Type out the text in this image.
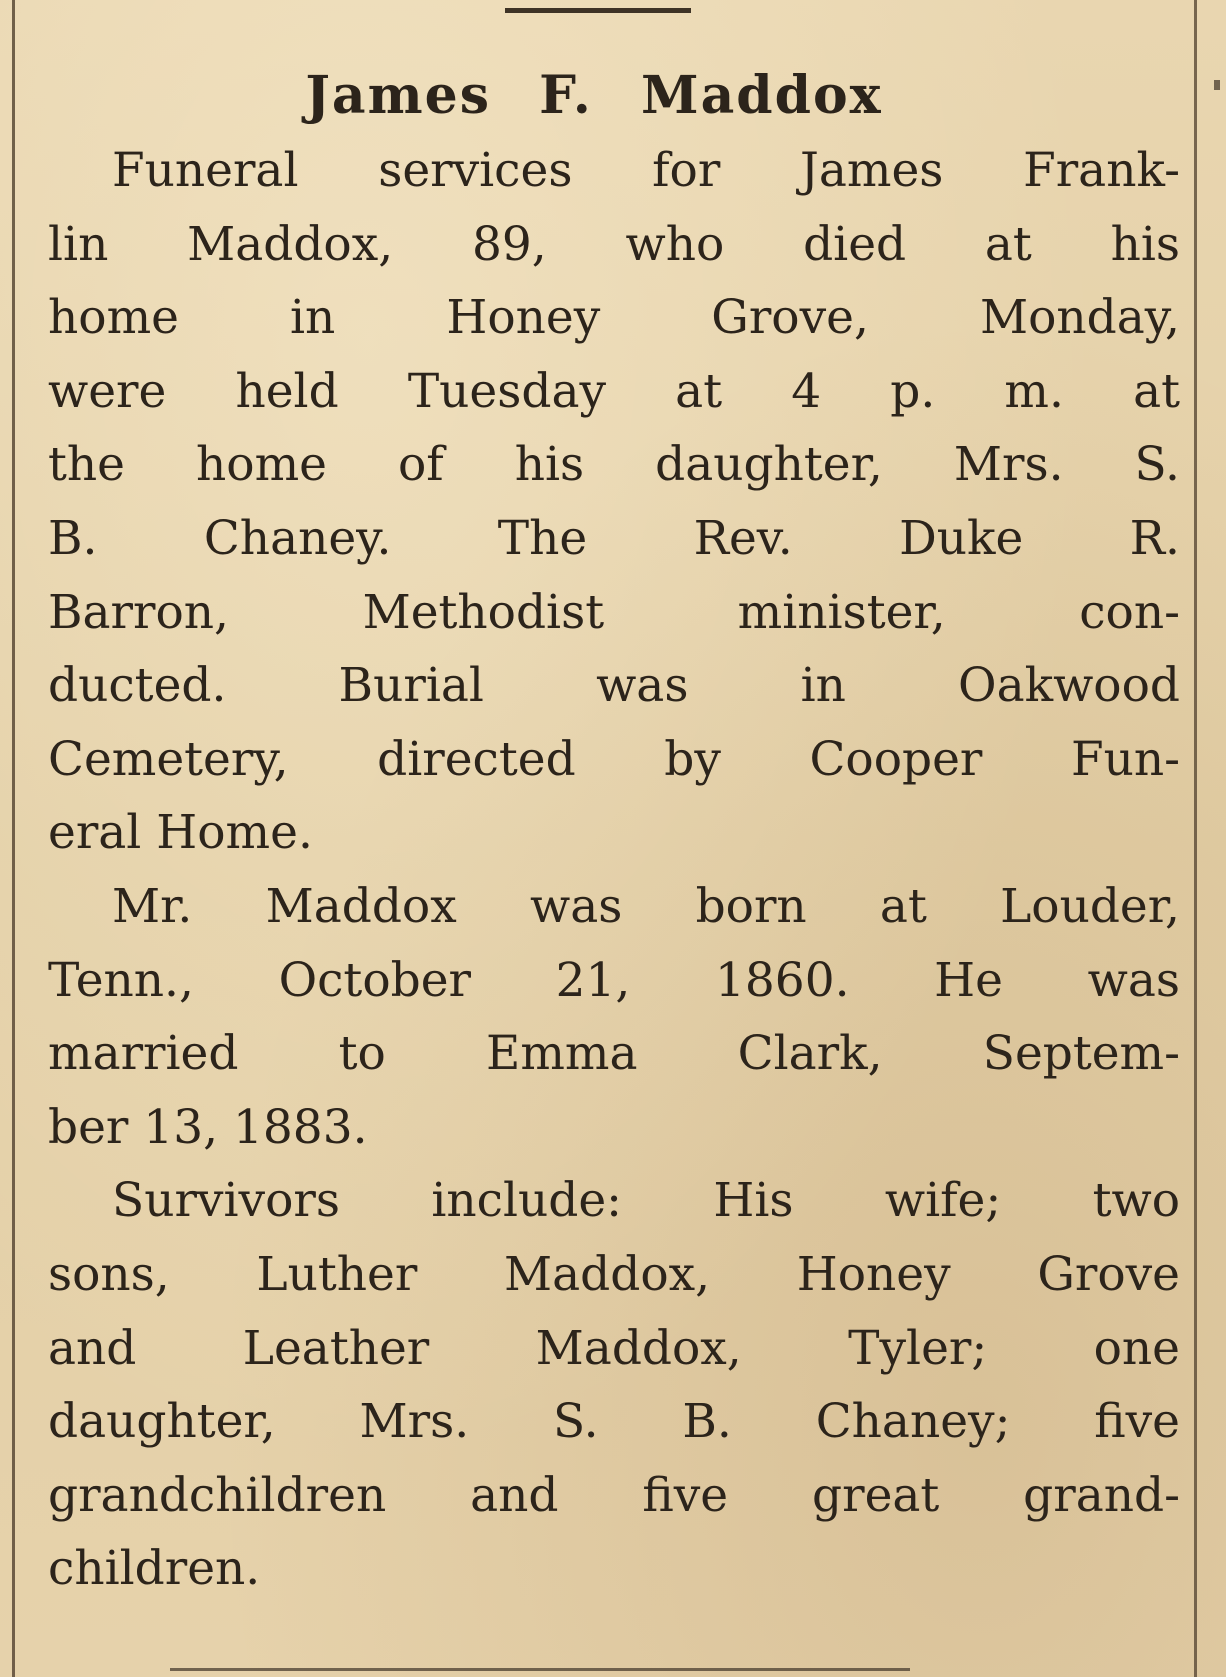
James F. Maddox
Funeral services for James Frank-
lin Maddox, 89, who died at his
home in Honey Grove, Monday,
were held Tuesday at 4 p. m. at
the home of his daughter, Mrs. S.
B. Chaney. The Rev. Duke R.
Barron, Methodist minister, con-
ducted. Burial was in Oakwood
Cemetery, directed by Cooper Fun-
eral Home.
Mr. Maddox was born at Louder,
Tenn., October 21, 1860. He was
married to Emma Clark, Septem-
ber 13, 1883.
Survivors include: His wife; two
sons, Luther Maddox, Honey Grove
and Leather Maddox, Tyler; one
daughter, Mrs. S. B. Chaney; five
grandchildren and five great grand-
children.
